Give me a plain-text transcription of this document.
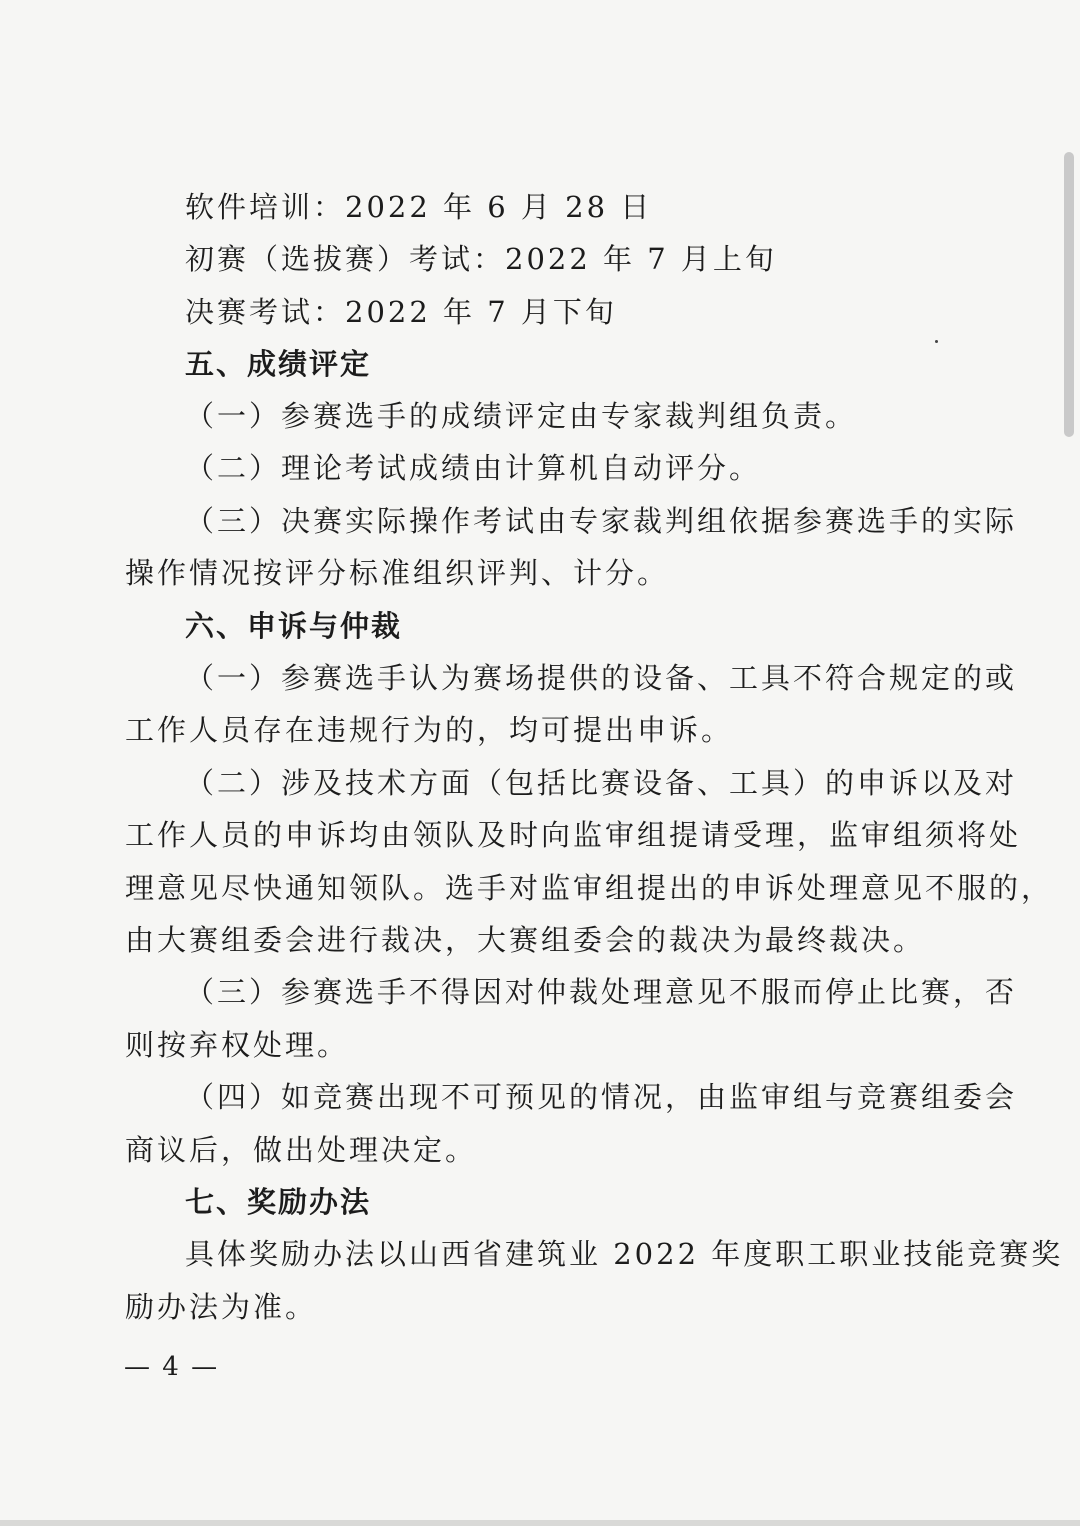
软件培训：2022 年 6 月 28 日
初赛（选拔赛）考试：2022 年 7 月上旬
决赛考试：2022 年 7 月下旬
五、成绩评定
（一）参赛选手的成绩评定由专家裁判组负责。
（二）理论考试成绩由计算机自动评分。
（三）决赛实际操作考试由专家裁判组依据参赛选手的实际
操作情况按评分标准组织评判、计分。
六、申诉与仲裁
（一）参赛选手认为赛场提供的设备、工具不符合规定的或
工作人员存在违规行为的，均可提出申诉。
（二）涉及技术方面（包括比赛设备、工具）的申诉以及对
工作人员的申诉均由领队及时向监审组提请受理，监审组须将处
理意见尽快通知领队。选手对监审组提出的申诉处理意见不服的，
由大赛组委会进行裁决，大赛组委会的裁决为最终裁决。
（三）参赛选手不得因对仲裁处理意见不服而停止比赛，否
则按弃权处理。
（四）如竞赛出现不可预见的情况，由监审组与竞赛组委会
商议后，做出处理决定。
七、奖励办法
具体奖励办法以山西省建筑业 2022 年度职工职业技能竞赛奖
励办法为准。
— 4 —
